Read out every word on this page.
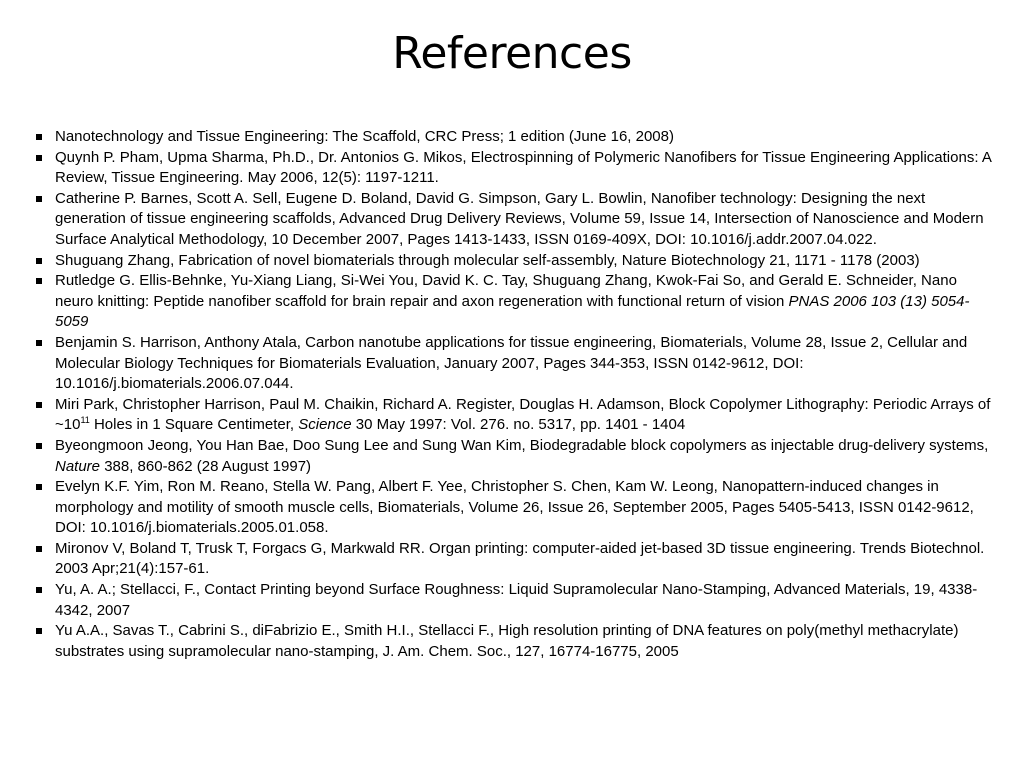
References
Nanotechnology and Tissue Engineering: The Scaffold, CRC Press; 1 edition (June 16, 2008)
Quynh P. Pham, Upma Sharma, Ph.D., Dr. Antonios G. Mikos, Electrospinning of Polymeric Nanofibers for Tissue Engineering Applications: A Review, Tissue Engineering. May 2006, 12(5): 1197-1211.
Catherine P. Barnes, Scott A. Sell, Eugene D. Boland, David G. Simpson, Gary L. Bowlin, Nanofiber technology: Designing the next generation of tissue engineering scaffolds, Advanced Drug Delivery Reviews, Volume 59, Issue 14, Intersection of Nanoscience and Modern Surface Analytical Methodology, 10 December 2007, Pages 1413-1433, ISSN 0169-409X, DOI: 10.1016/j.addr.2007.04.022.
Shuguang Zhang, Fabrication of novel biomaterials through molecular self-assembly, Nature Biotechnology 21, 1171 - 1178 (2003)
Rutledge G. Ellis-Behnke, Yu-Xiang Liang, Si-Wei You, David K. C. Tay, Shuguang Zhang, Kwok-Fai So, and Gerald E. Schneider, Nano neuro knitting: Peptide nanofiber scaffold for brain repair and axon regeneration with functional return of vision PNAS 2006 103 (13) 5054-5059
Benjamin S. Harrison, Anthony Atala, Carbon nanotube applications for tissue engineering, Biomaterials, Volume 28, Issue 2, Cellular and Molecular Biology Techniques for Biomaterials Evaluation, January 2007, Pages 344-353, ISSN 0142-9612, DOI: 10.1016/j.biomaterials.2006.07.044.
Miri Park, Christopher Harrison, Paul M. Chaikin, Richard A. Register, Douglas H. Adamson, Block Copolymer Lithography: Periodic Arrays of $\sim 10^{11}$ Holes in 1 Square Centimeter, Science 30 May 1997: Vol. 276. no. 5317, pp. 1401 - 1404
Byeongmoon Jeong, You Han Bae, Doo Sung Lee and Sung Wan Kim, Biodegradable block copolymers as injectable drug-delivery systems, Nature 388, 860-862 (28 August 1997)
Evelyn K.F. Yim, Ron M. Reano, Stella W. Pang, Albert F. Yee, Christopher S. Chen, Kam W. Leong, Nanopattern-induced changes in morphology and motility of smooth muscle cells, Biomaterials, Volume 26, Issue 26, September 2005, Pages 5405-5413, ISSN 0142-9612, DOI: 10.1016/j.biomaterials.2005.01.058.
Mironov V, Boland T, Trusk T, Forgacs G, Markwald RR. Organ printing: computer-aided jet-based 3D tissue engineering. Trends Biotechnol. 2003 Apr;21(4):157-61.
Yu, A. A.; Stellacci, F., Contact Printing beyond Surface Roughness: Liquid Supramolecular Nano-Stamping, Advanced Materials, 19, 4338-4342, 2007
Yu A.A., Savas T., Cabrini S., diFabrizio E., Smith H.I., Stellacci F., High resolution printing of DNA features on poly(methyl methacrylate) substrates using supramolecular nano-stamping, J. Am. Chem. Soc., 127, 16774-16775, 2005
